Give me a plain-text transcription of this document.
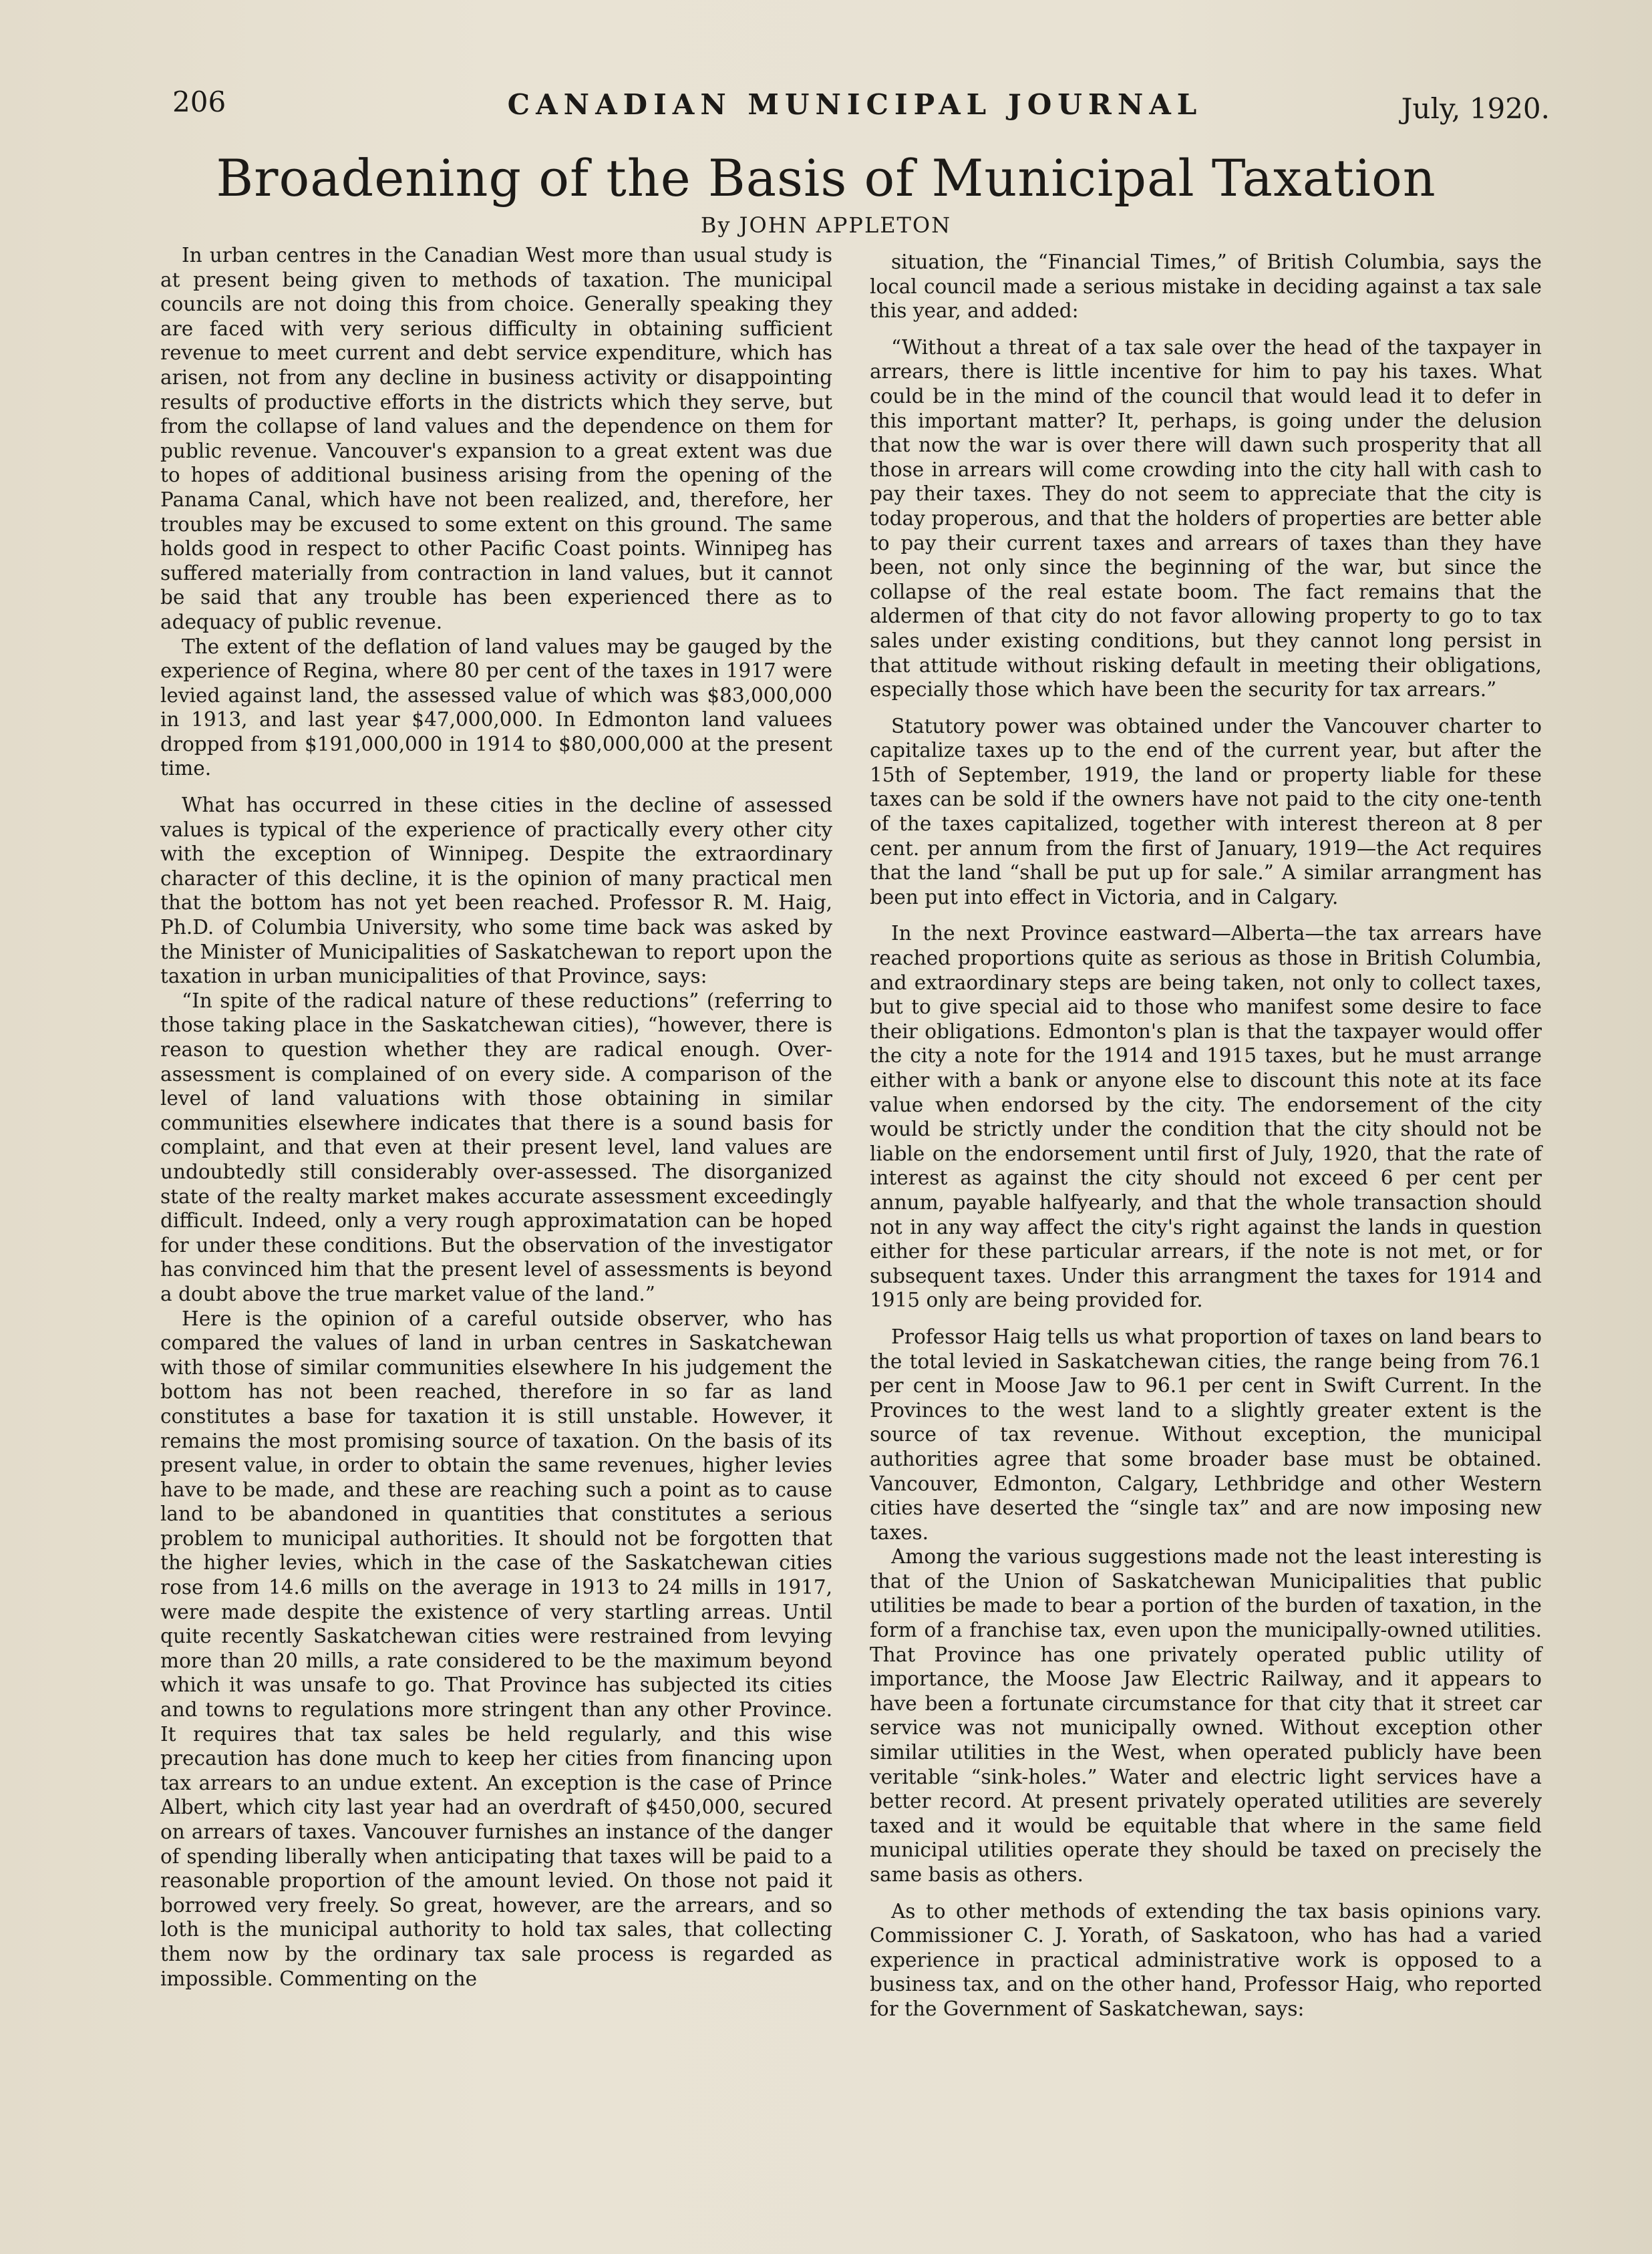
206	CANADIAN MUNICIPAL JOURNAL	July, 1920.
Broadening of the Basis of Municipal Taxation
By JOHN APPLETON

In urban centres in the Canadian West more than usual study is at present being given to methods of taxation. The municipal councils are not doing this from choice. Generally speaking they are faced with very serious difficulty in obtaining sufficient revenue to meet current and debt service expenditure, which has arisen, not from any decline in business activity or disappointing results of productive efforts in the districts which they serve, but from the collapse of land values and the dependence on them for public revenue. Vancouver's expansion to a great extent was due to hopes of additional business arising from the opening of the Panama Canal, which have not been realized, and, therefore, her troubles may be excused to some extent on this ground. The same holds good in respect to other Pacific Coast points. Winnipeg has suffered materially from contraction in land values, but it cannot be said that any trouble has been experienced there as to adequacy of public revenue.

The extent of the deflation of land values may be gauged by the experience of Regina, where 80 per cent of the taxes in 1917 were levied against land, the assessed value of which was $83,000,000 in 1913, and last year $47,000,000. In Edmonton land valuees dropped from $191,000,000 in 1914 to $80,000,000 at the present time.

What has occurred in these cities in the decline of assessed values is typical of the experience of practically every other city with the exception of Winnipeg. Despite the extraordinary character of this decline, it is the opinion of many practical men that the bottom has not yet been reached. Professor R. M. Haig, Ph.D. of Columbia University, who some time back was asked by the Minister of Municipalities of Saskatchewan to report upon the taxation in urban municipalities of that Province, says:

“In spite of the radical nature of these reductions” (referring to those taking place in the Saskatchewan cities), “however, there is reason to question whether they are radical enough. Over-assessment is complained of on every side. A comparison of the level of land valuations with those obtaining in similar communities elsewhere indicates that there is a sound basis for complaint, and that even at their present level, land values are undoubtedly still considerably over-assessed. The disorganized state of the realty market makes accurate assessment exceedingly difficult. Indeed, only a very rough approximatation can be hoped for under these conditions. But the observation of the investigator has convinced him that the present level of assessments is beyond a doubt above the true market value of the land.”

Here is the opinion of a careful outside observer, who has compared the values of land in urban centres in Saskatchewan with those of similar communities elsewhere In his judgement the bottom has not been reached, therefore in so far as land constitutes a base for taxation it is still unstable. However, it remains the most promising source of taxation. On the basis of its present value, in order to obtain the same revenues, higher levies have to be made, and these are reaching such a point as to cause land to be abandoned in quantities that constitutes a serious problem to municipal authorities. It should not be forgotten that the higher levies, which in the case of the Saskatchewan cities rose from 14.6 mills on the average in 1913 to 24 mills in 1917, were made despite the existence of very startling arreas. Until quite recently Saskatchewan cities were restrained from levying more than 20 mills, a rate considered to be the maximum beyond which it was unsafe to go. That Province has subjected its cities and towns to regulations more stringent than any other Province. It requires that tax sales be held regularly, and this wise precaution has done much to keep her cities from financing upon tax arrears to an undue extent. An exception is the case of Prince Albert, which city last year had an overdraft of $450,000, secured on arrears of taxes. Vancouver furnishes an instance of the danger of spending liberally when anticipating that taxes will be paid to a reasonable proportion of the amount levied. On those not paid it borrowed very freely. So great, however, are the arrears, and so loth is the municipal authority to hold tax sales, that collecting them now by the ordinary tax sale process is regarded as impossible. Commenting on the

situation, the “Financial Times,” of British Columbia, says the local council made a serious mistake in deciding against a tax sale this year, and added:

“Without a threat of a tax sale over the head of the taxpayer in arrears, there is little incentive for him to pay his taxes. What could be in the mind of the council that would lead it to defer in this important matter? It, perhaps, is going under the delusion that now the war is over there will dawn such prosperity that all those in arrears will come crowding into the city hall with cash to pay their taxes. They do not seem to appreciate that the city is today properous, and that the holders of properties are better able to pay their current taxes and arrears of taxes than they have been, not only since the beginning of the war, but since the collapse of the real estate boom. The fact remains that the aldermen of that city do not favor allowing property to go to tax sales under existing conditions, but they cannot long persist in that attitude without risking default in meeting their obligations, especially those which have been the security for tax arrears.”

Statutory power was obtained under the Vancouver charter to capitalize taxes up to the end of the current year, but after the 15th of September, 1919, the land or property liable for these taxes can be sold if the owners have not paid to the city one-tenth of the taxes capitalized, together with interest thereon at 8 per cent. per annum from the first of January, 1919—the Act requires that the land “shall be put up for sale.” A similar arrangment has been put into effect in Victoria, and in Calgary.

In the next Province eastward—Alberta—the tax arrears have reached proportions quite as serious as those in British Columbia, and extraordinary steps are being taken, not only to collect taxes, but to give special aid to those who manifest some desire to face their obligations. Edmonton's plan is that the taxpayer would offer the city a note for the 1914 and 1915 taxes, but he must arrange either with a bank or anyone else to discount this note at its face value when endorsed by the city. The endorsement of the city would be strictly under the condition that the city should not be liable on the endorsement until first of July, 1920, that the rate of interest as against the city should not exceed 6 per cent per annum, payable halfyearly, and that the whole transaction should not in any way affect the city's right against the lands in question either for these particular arrears, if the note is not met, or for subsequent taxes. Under this arrangment the taxes for 1914 and 1915 only are being provided for.

Professor Haig tells us what proportion of taxes on land bears to the total levied in Saskatchewan cities, the range being from 76.1 per cent in Moose Jaw to 96.1 per cent in Swift Current. In the Provinces to the west land to a slightly greater extent is the source of tax revenue. Without exception, the municipal authorities agree that some broader base must be obtained. Vancouver, Edmonton, Calgary, Lethbridge and other Western cities have deserted the “single tax” and are now imposing new taxes.

Among the various suggestions made not the least interesting is that of the Union of Saskatchewan Municipalities that public utilities be made to bear a portion of the burden of taxation, in the form of a franchise tax, even upon the municipally-owned utilities. That Province has one privately operated public utility of importance, the Moose Jaw Electric Railway, and it appears to have been a fortunate circumstance for that city that it street car service was not municipally owned. Without exception other similar utilities in the West, when operated publicly have been veritable “sink-holes.” Water and electric light services have a better record. At present privately operated utilities are severely taxed and it would be equitable that where in the same field municipal utilities operate they should be taxed on precisely the same basis as others.

As to other methods of extending the tax basis opinions vary. Commissioner C. J. Yorath, of Saskatoon, who has had a varied experience in practical administrative work is opposed to a business tax, and on the other hand, Professor Haig, who reported for the Government of Saskatchewan, says:
